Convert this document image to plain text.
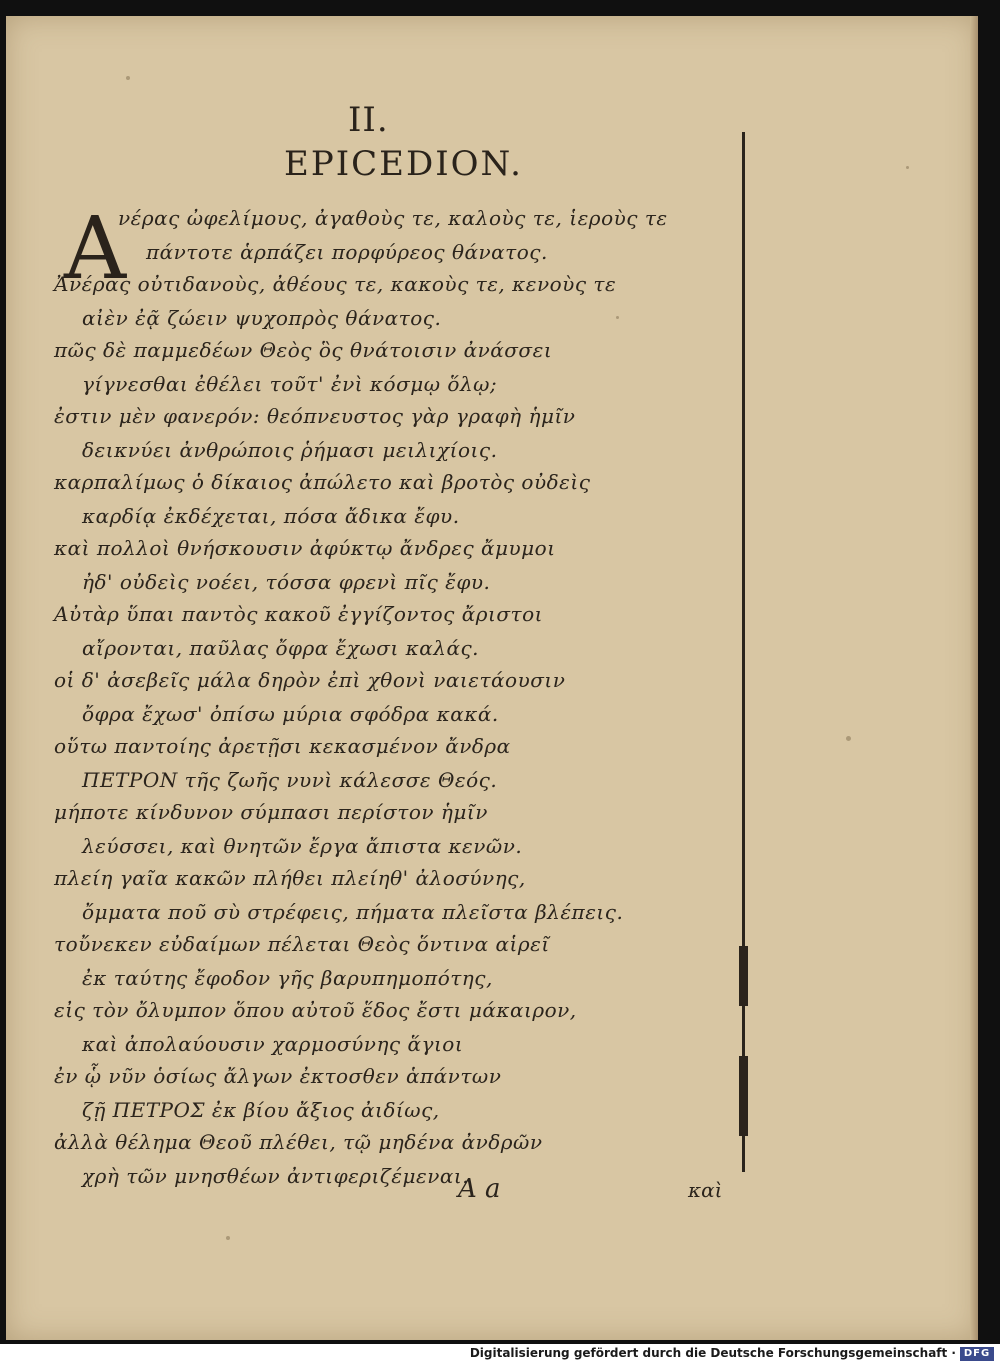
II.
EPICEDION.
A
νέρας ὠφελίμους, ἀγαθοὺς τε, καλοὺς τε, ἱεροὺς τε
πάντοτε ἁρπάζει πορφύρεος θάνατος.
Ἀνέρας οὐτιδανοὺς, ἀθέους τε, κακοὺς τε, κενοὺς τε
αἰὲν ἐᾷ ζώειν ψυχοπρὸς θάνατος.
πῶς δὲ παμμεδέων Θεὸς ὃς θνάτοισιν ἀνάσσει
γίγνεσθαι ἐθέλει τοῦτ' ἐνὶ κόσμῳ ὅλῳ;
ἐστιν μὲν φανερόν: θεόπνευστος γὰρ γραφὴ ἡμῖν
δεικνύει ἀνθρώποις ῥήμασι μειλιχίοις.
καρπαλίμως ὁ δίκαιος ἀπώλετο καὶ βροτὸς οὐδεὶς
καρδίᾳ ἐκδέχεται, πόσα ἄδικα ἔφυ.
καὶ πολλοὶ θνήσκουσιν ἀφύκτῳ ἄνδρες ἄμυμοι
ἠδ' οὐδεὶς νοέει, τόσσα φρενὶ πῖς ἔφυ.
Αὐτὰρ ὕπαι παντὸς κακοῦ ἐγγίζοντος ἄριστοι
αἴρονται, παῦλας ὄφρα ἔχωσι καλάς.
οἱ δ' ἀσεβεῖς μάλα δηρὸν ἐπὶ χθονὶ ναιετάουσιν
ὄφρα ἔχωσ' ὀπίσω μύρια σφόδρα κακά.
οὕτω παντοίης ἀρετῇσι κεκασμένον ἄνδρα
ΠΕΤΡΟΝ τῆς ζωῆς νυνὶ κάλεσσε Θεός.
μήποτε κίνδυνον σύμπασι περίστον ἡμῖν
λεύσσει, καὶ θνητῶν ἔργα ἄπιστα κενῶν.
πλείη γαῖα κακῶν πλήθει πλείηθ' ἀλοσύνης,
ὄμματα ποῦ σὺ στρέφεις, πήματα πλεῖστα βλέπεις.
τοὔνεκεν εὐδαίμων πέλεται Θεὸς ὅντινα αἱρεῖ
ἐκ ταύτης ἔφοδον γῆς βαρυπημοπότης,
εἰς τὸν ὄλυμπον ὅπου αὐτοῦ ἕδος ἔστι μάκαιρον,
καὶ ἀπολαύουσιν χαρμοσύνης ἅγιοι
ἐν ᾧ νῦν ὁσίως ἄλγων ἐκτοσθεν ἁπάντων
ζῇ ΠΕΤΡΟΣ ἐκ βίου ἄξιος ἀιδίως,
ἀλλὰ θέλημα Θεοῦ πλέθει, τῷ μηδένα ἀνδρῶν
χρὴ τῶν μνησθέων ἀντιφεριζέμεναι.
A a	καὶ
Digitalisierung gefördert durch die Deutsche Forschungsgemeinschaft · DFG
